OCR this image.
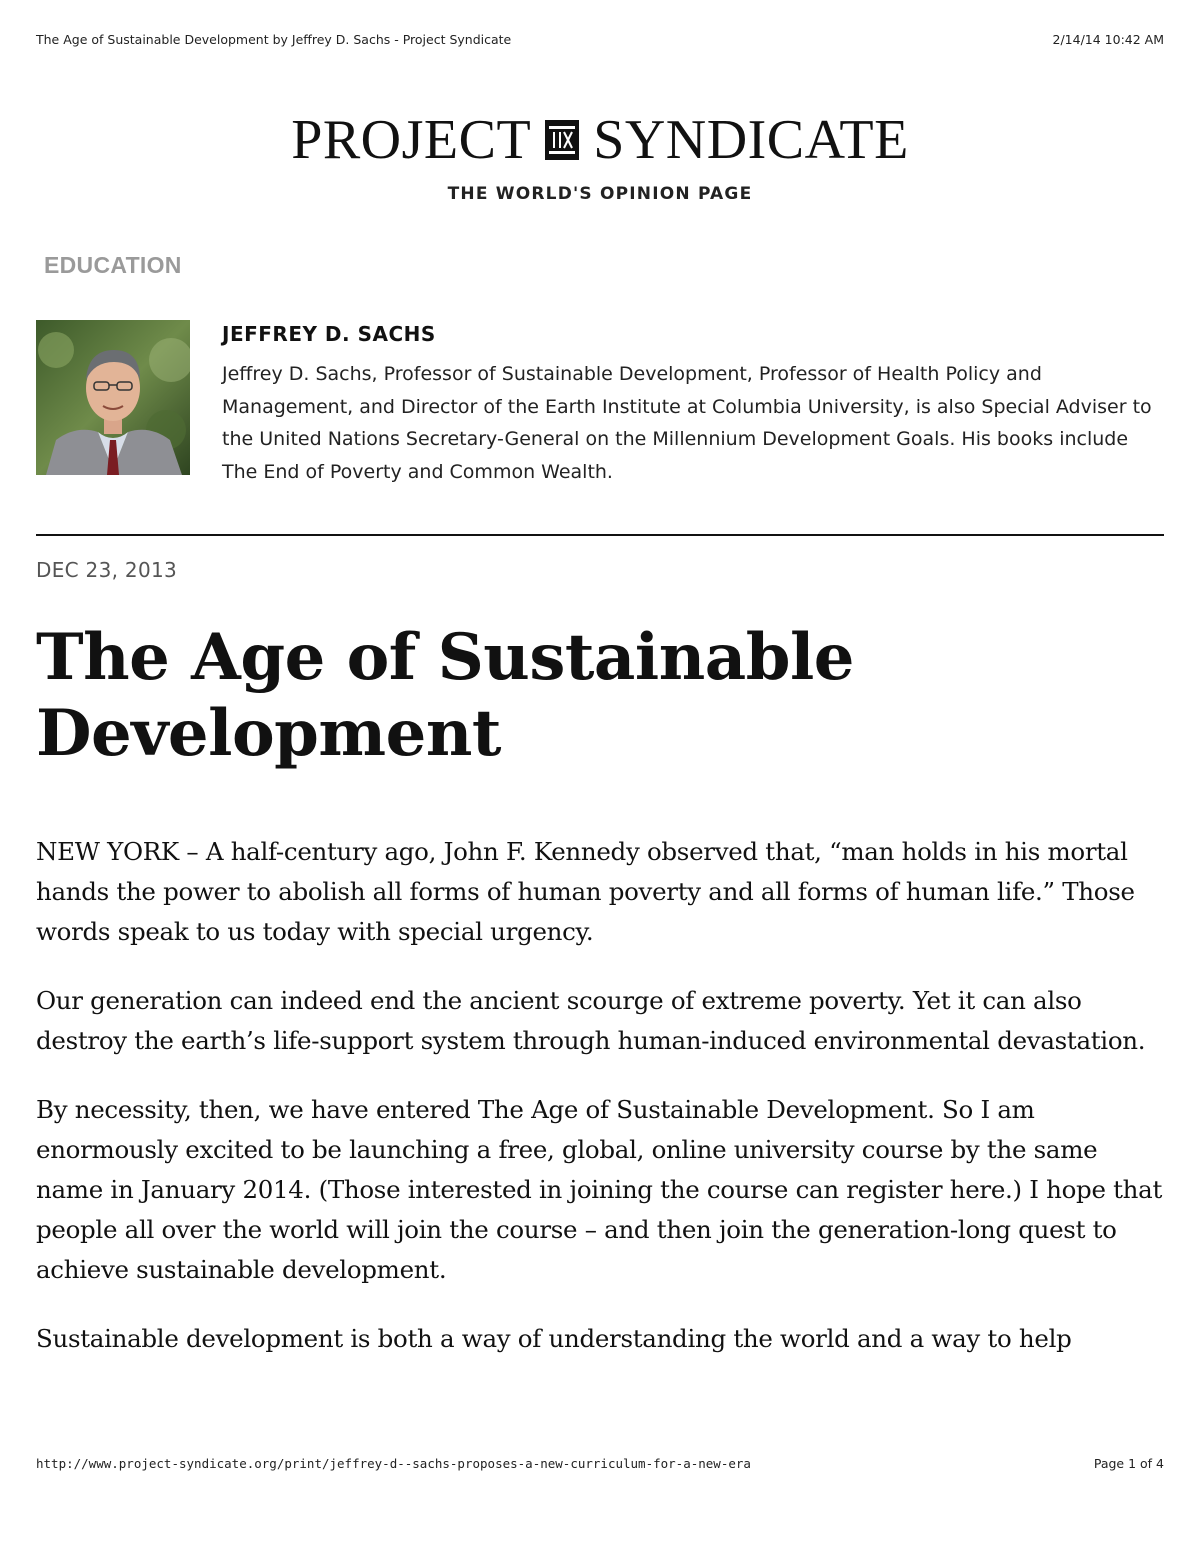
The Age of Sustainable Development by Jeffrey D. Sachs - Project Syndicate	2/14/14 10:42 AM
PROJECT SYNDICATE
THE WORLD'S OPINION PAGE
EDUCATION
JEFFREY D. SACHS
Jeffrey D. Sachs, Professor of Sustainable Development, Professor of Health Policy and Management, and Director of the Earth Institute at Columbia University, is also Special Adviser to the United Nations Secretary-General on the Millennium Development Goals. His books include The End of Poverty and Common Wealth.
DEC 23, 2013
The Age of Sustainable Development

NEW YORK – A half-century ago, John F. Kennedy observed that, “man holds in his mortal hands the power to abolish all forms of human poverty and all forms of human life.” Those words speak to us today with special urgency.

Our generation can indeed end the ancient scourge of extreme poverty. Yet it can also destroy the earth’s life-support system through human-induced environmental devastation.

By necessity, then, we have entered The Age of Sustainable Development. So I am enormously excited to be launching a free, global, online university course by the same name in January 2014. (Those interested in joining the course can register here.) I hope that people all over the world will join the course – and then join the generation-long quest to achieve sustainable development.

Sustainable development is both a way of understanding the world and a way to help

http://www.project-syndicate.org/print/jeffrey-d--sachs-proposes-a-new-curriculum-for-a-new-era	Page 1 of 4
